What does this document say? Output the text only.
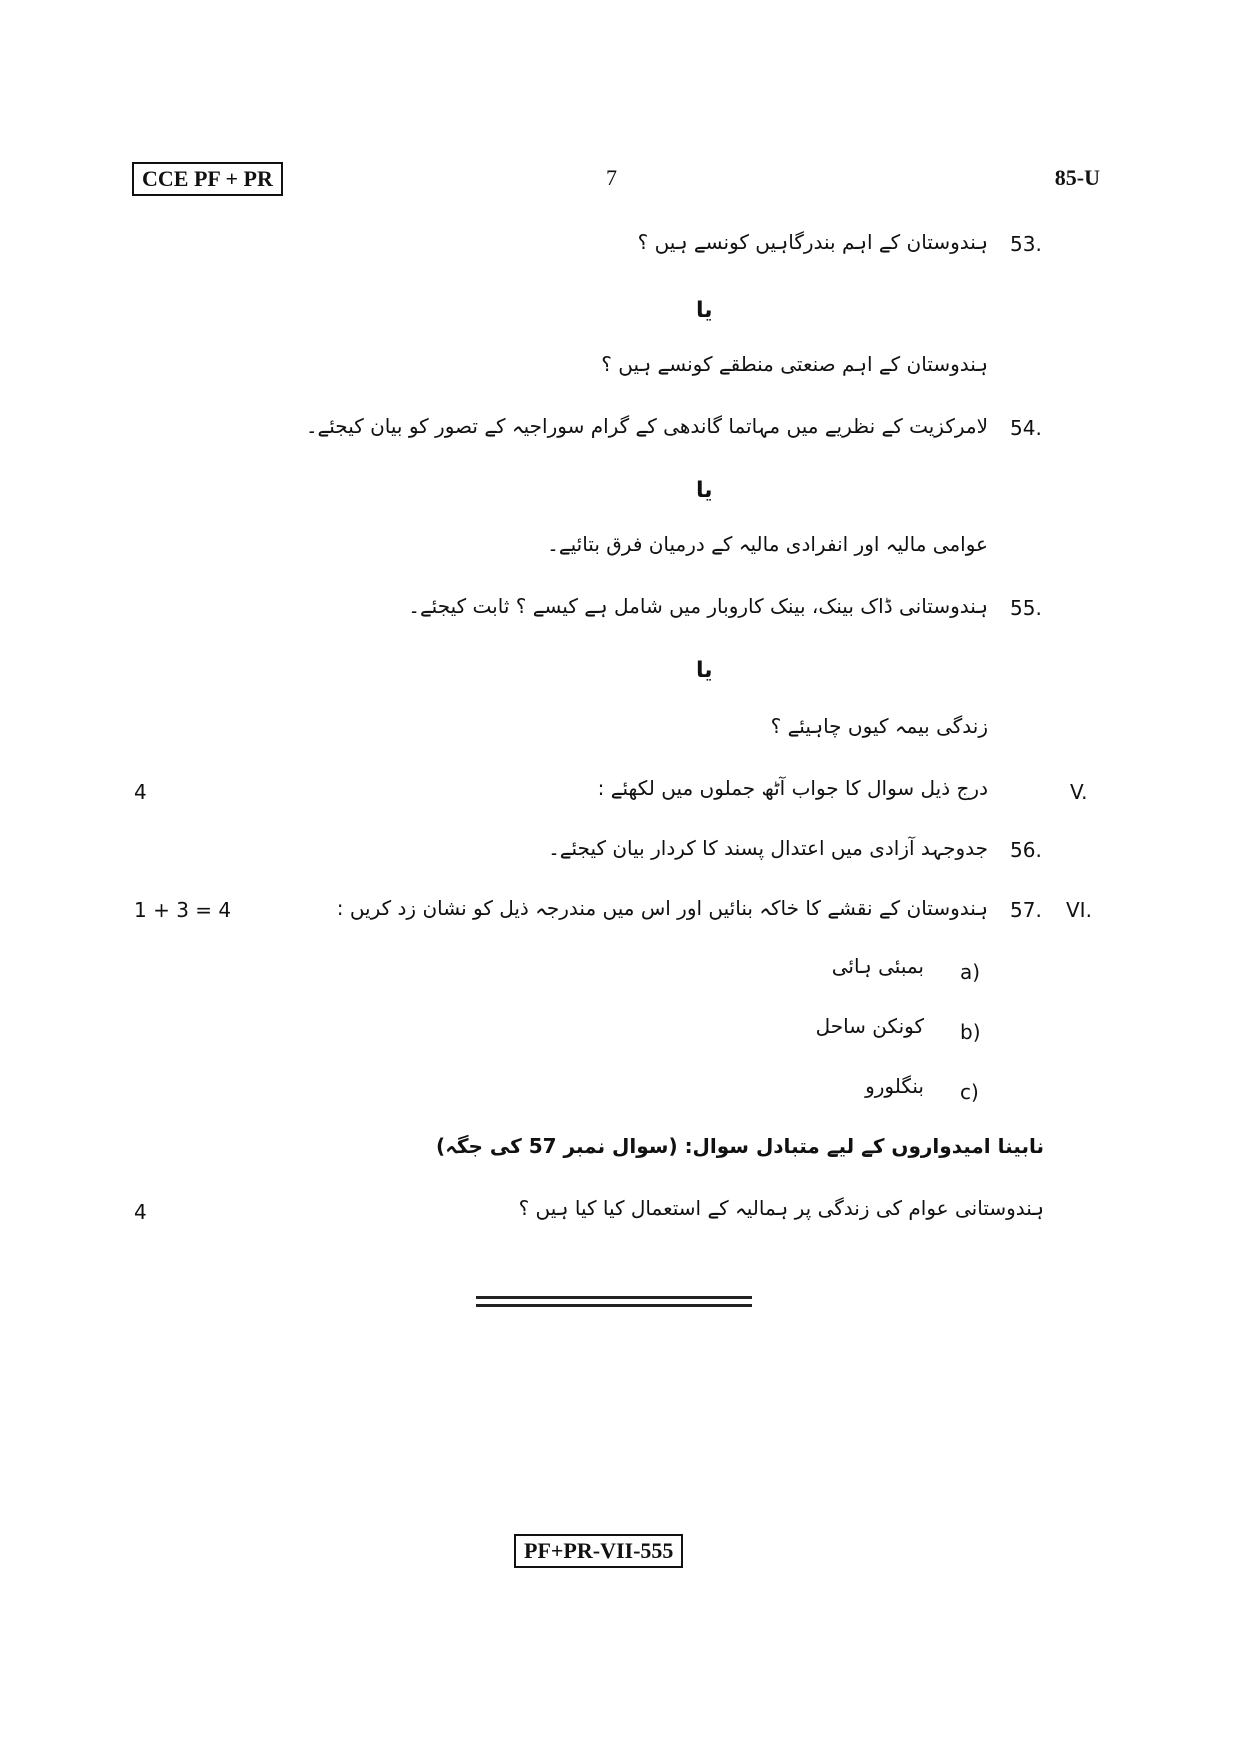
CCE PF + PR	7	85-U
53.
ہندوستان کے اہم بندرگاہیں کونسے ہیں ؟
یا
ہندوستان کے اہم صنعتی منطقے کونسے ہیں ؟
54.
لامرکزیت کے نظریے میں مہاتما گاندھی کے گرام سوراجیہ کے تصور کو بیان کیجئے۔
یا
عوامی مالیہ اور انفرادی مالیہ کے درمیان فرق بتائیے۔
55.
ہندوستانی ڈاک بینک، بینک کاروبار میں شامل ہے کیسے ؟ ثابت کیجئے۔
یا
زندگی بیمہ کیوں چاہیئے ؟
4	درج ذیل سوال کا جواب آٹھ جملوں میں لکھئے :	V.
56.
جدوجہد آزادی میں اعتدال پسند کا کردار بیان کیجئے۔
1 + 3 = 4	ہندوستان کے نقشے کا خاکہ بنائیں اور اس میں مندرجہ ذیل کو نشان زد کریں : 57. VI.
a)
بمبئی ہائی
b)
کونکن ساحل
c)
بنگلورو
نابینا امیدواروں کے لیے متبادل سوال: (سوال نمبر 57 کی جگہ)
4	ہندوستانی عوام کی زندگی پر ہمالیہ کے استعمال کیا کیا ہیں ؟
PF+PR-VII-555
